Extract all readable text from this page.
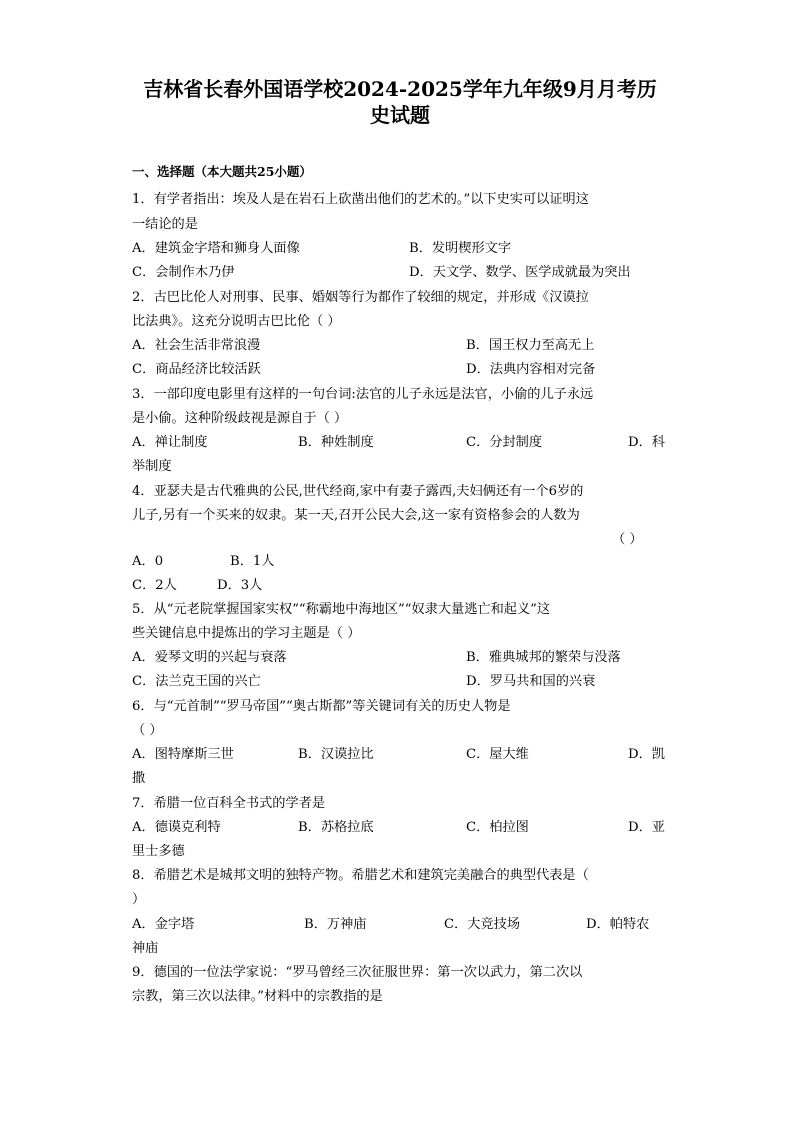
吉林省长春外国语学校2024-2025学年九年级9月月考历
史试题
一、选择题（本大题共25小题）
1．有学者指出：埃及人是在岩石上砍凿出他们的艺术的。”以下史实可以证明这
一结论的是
A．建筑金字塔和狮身人面像	B．发明楔形文字
C．会制作木乃伊	D．天文学、数学、医学成就最为突出
2．古巴比伦人对刑事、民事、婚姻等行为都作了较细的规定，并形成《汉谟拉
比法典》。这充分说明古巴比伦（ ）
A．社会生活非常浪漫	B．国王权力至高无上
C．商品经济比较活跃	D．法典内容相对完备
3．一部印度电影里有这样的一句台词:法官的儿子永远是法官，小偷的儿子永远
是小偷。这种阶级歧视是源自于（ ）
A．禅让制度	B．种姓制度	C．分封制度	D．科
举制度
4．亚瑟夫是古代雅典的公民,世代经商,家中有妻子露西,夫妇俩还有一个6岁的
儿子,另有一个买来的奴隶。某一天,召开公民大会,这一家有资格参会的人数为
（ ）
A．0	B．1人
C．2人	D．3人
5．从“元老院掌握国家实权”“称霸地中海地区”“奴隶大量逃亡和起义”这
些关键信息中提炼出的学习主题是（ ）
A．爱琴文明的兴起与衰落	B．雅典城邦的繁荣与没落
C．法兰克王国的兴亡	D．罗马共和国的兴衰
6．与“元首制”“罗马帝国”“奥古斯都”等关键词有关的历史人物是
（ ）
A．图特摩斯三世	B．汉谟拉比	C．屋大维	D．凯
撒
7．希腊一位百科全书式的学者是
A．德谟克利特	B．苏格拉底	C．柏拉图	D．亚
里士多德
8．希腊艺术是城邦文明的独特产物。希腊艺术和建筑完美融合的典型代表是（
）
A．金字塔	B．万神庙	C．大竞技场	D．帕特农
神庙
9．德国的一位法学家说：“罗马曾经三次征服世界：第一次以武力，第二次以
宗教，第三次以法律。”材料中的宗教指的是
